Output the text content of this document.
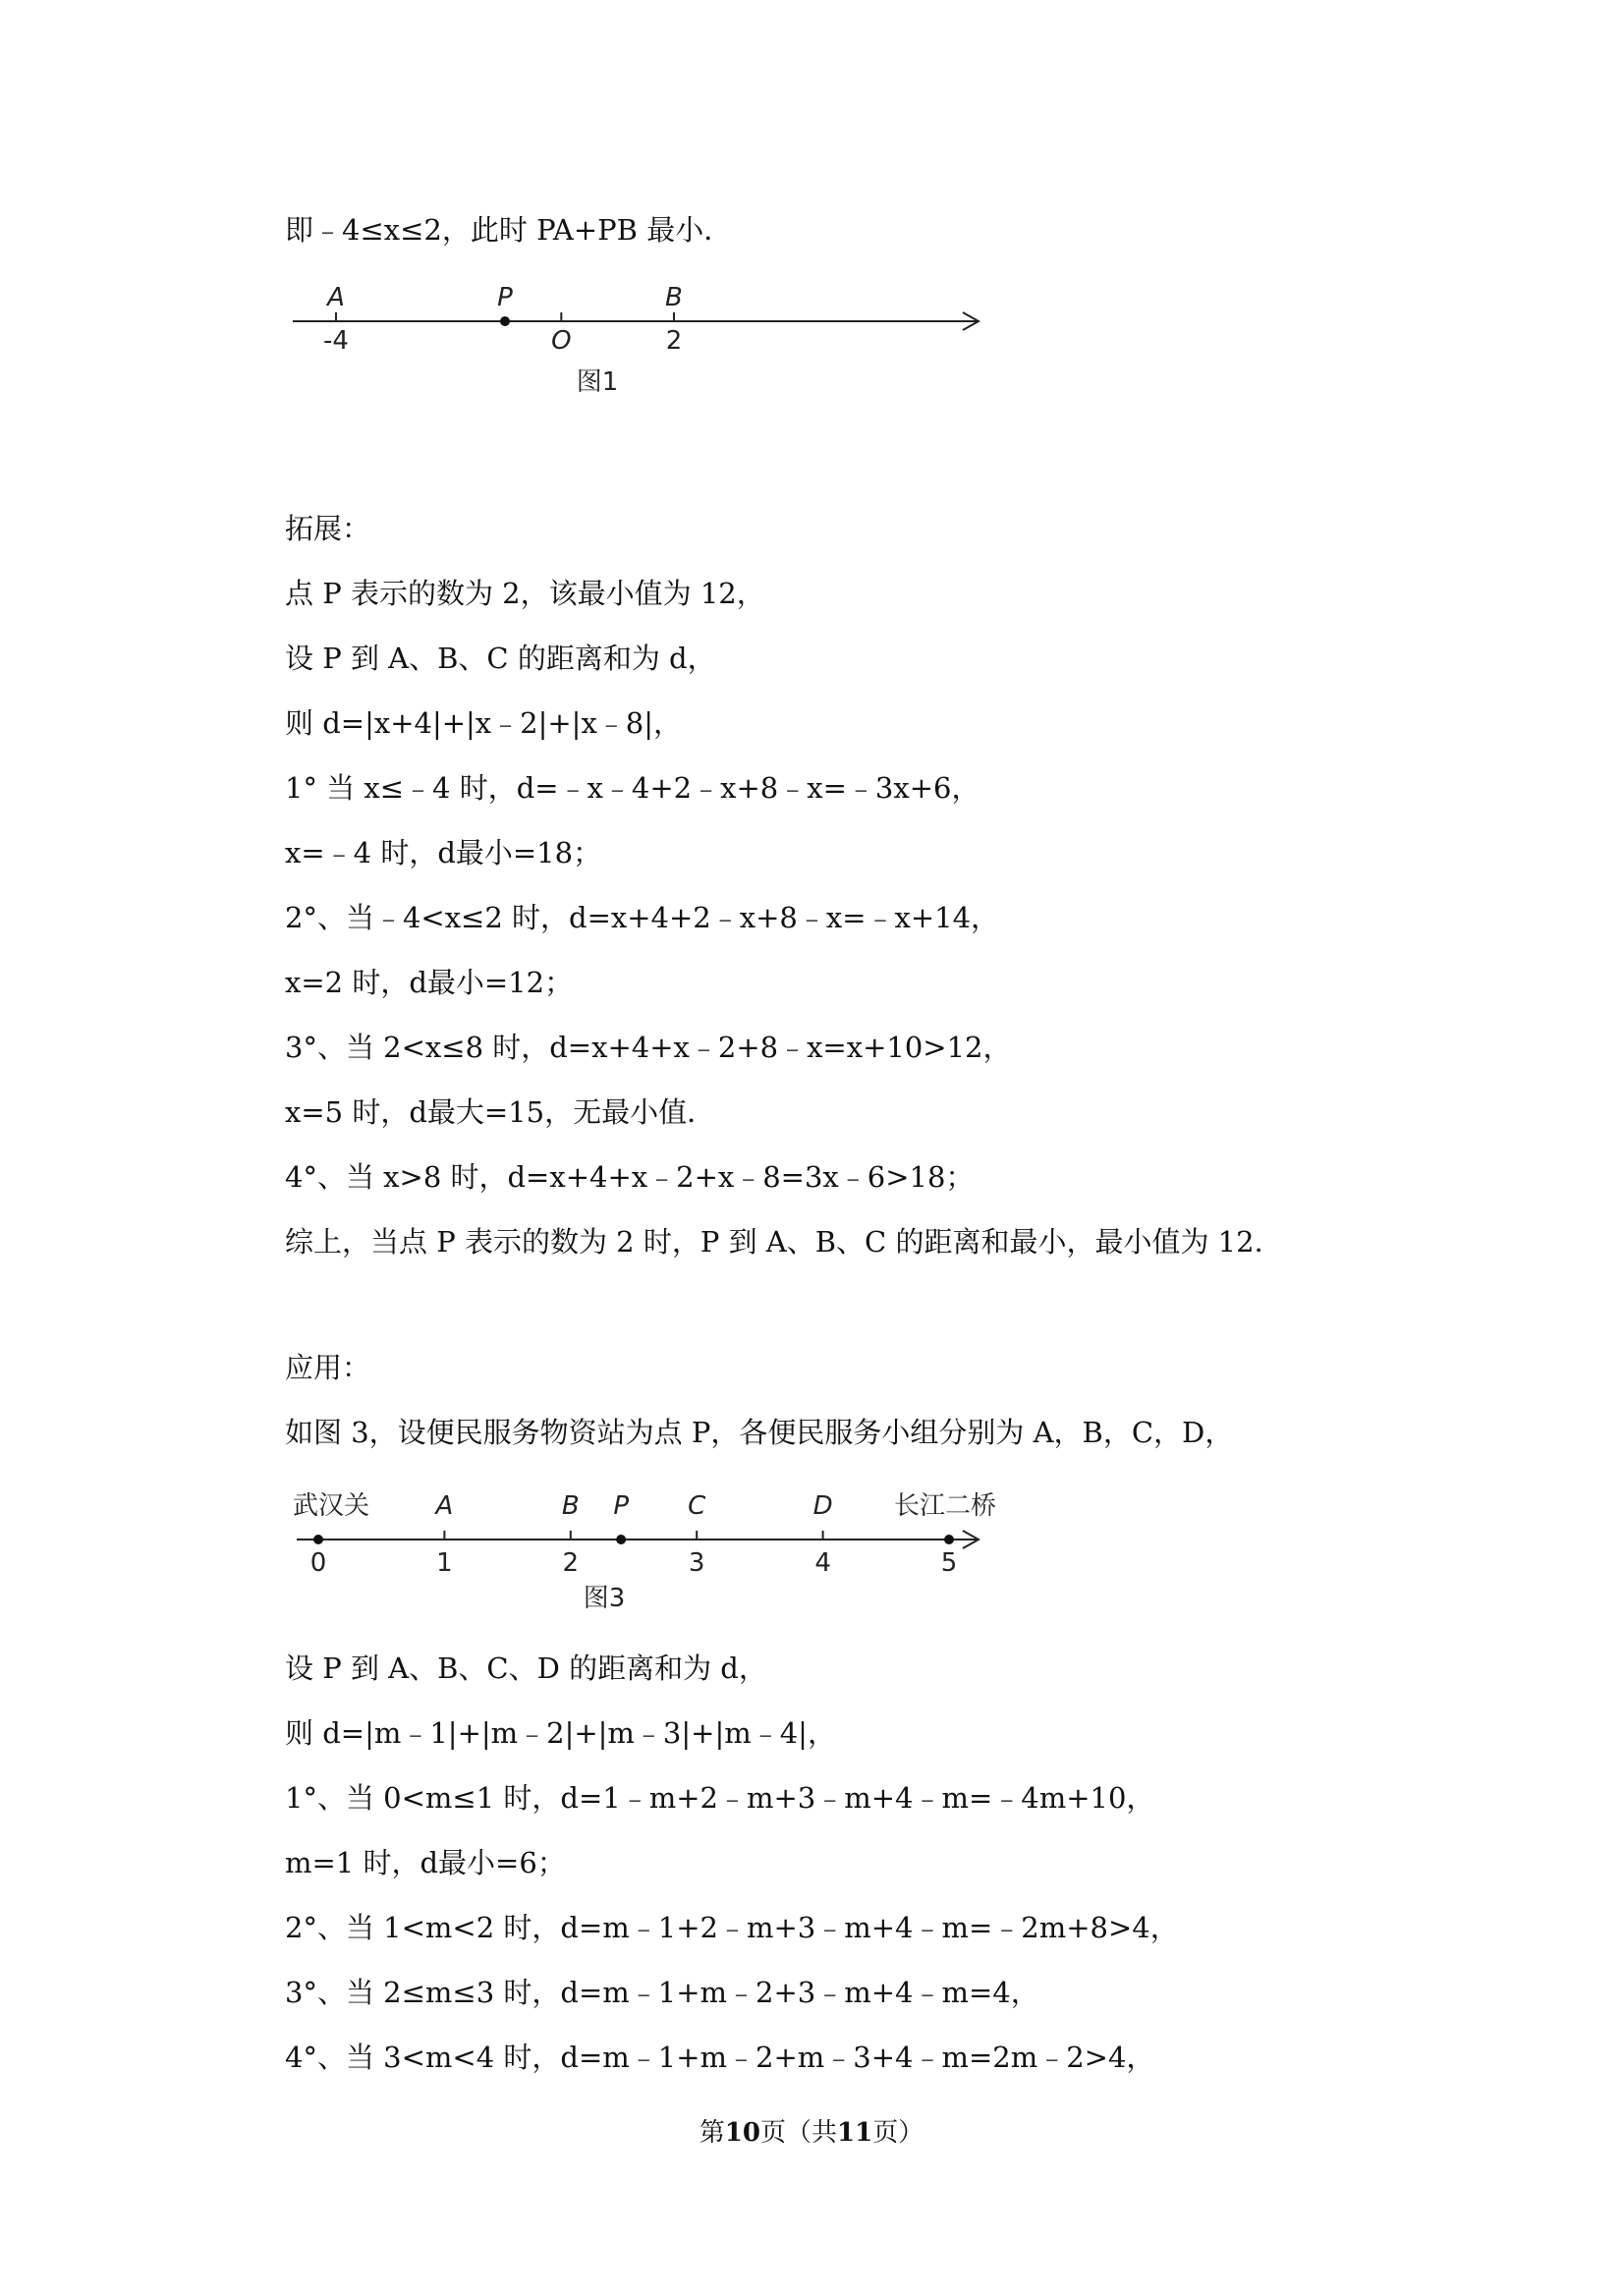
即﹣4≤x≤2，此时 PA+PB 最小．
A
-4
P
O
B
2
图1
拓展：
点 P 表示的数为 2，该最小值为 12，
设 P 到 A、B、C 的距离和为 d，
则 d=|x+4|+|x﹣2|+|x﹣8|，
1° 当 x≤﹣4 时，d=﹣x﹣4+2﹣x+8﹣x=﹣3x+6，
x=﹣4 时，d最小=18；
2°、当﹣4<x≤2 时，d=x+4+2﹣x+8﹣x=﹣x+14，
x=2 时，d最小=12；
3°、当 2<x≤8 时，d=x+4+x﹣2+8﹣x=x+10>12，
x=5 时，d最大=15，无最小值．
4°、当 x>8 时，d=x+4+x﹣2+x﹣8=3x﹣6>18；
综上，当点 P 表示的数为 2 时，P 到 A、B、C 的距离和最小，最小值为 12．
应用：
如图 3，设便民服务物资站为点 P，各便民服务小组分别为 A，B，C，D，
武汉关	长江二桥
0
A
1
B
2
P C
3
D
4	5
图3
设 P 到 A、B、C、D 的距离和为 d，
则 d=|m﹣1|+|m﹣2|+|m﹣3|+|m﹣4|，
1°、当 0<m≤1 时，d=1﹣m+2﹣m+3﹣m+4﹣m=﹣4m+10，
m=1 时，d最小=6；
2°、当 1<m<2 时，d=m﹣1+2﹣m+3﹣m+4﹣m=﹣2m+8>4，
3°、当 2≤m≤3 时，d=m﹣1+m﹣2+3﹣m+4﹣m=4，
4°、当 3<m<4 时，d=m﹣1+m﹣2+m﹣3+4﹣m=2m﹣2>4，
第10页（共11页）
